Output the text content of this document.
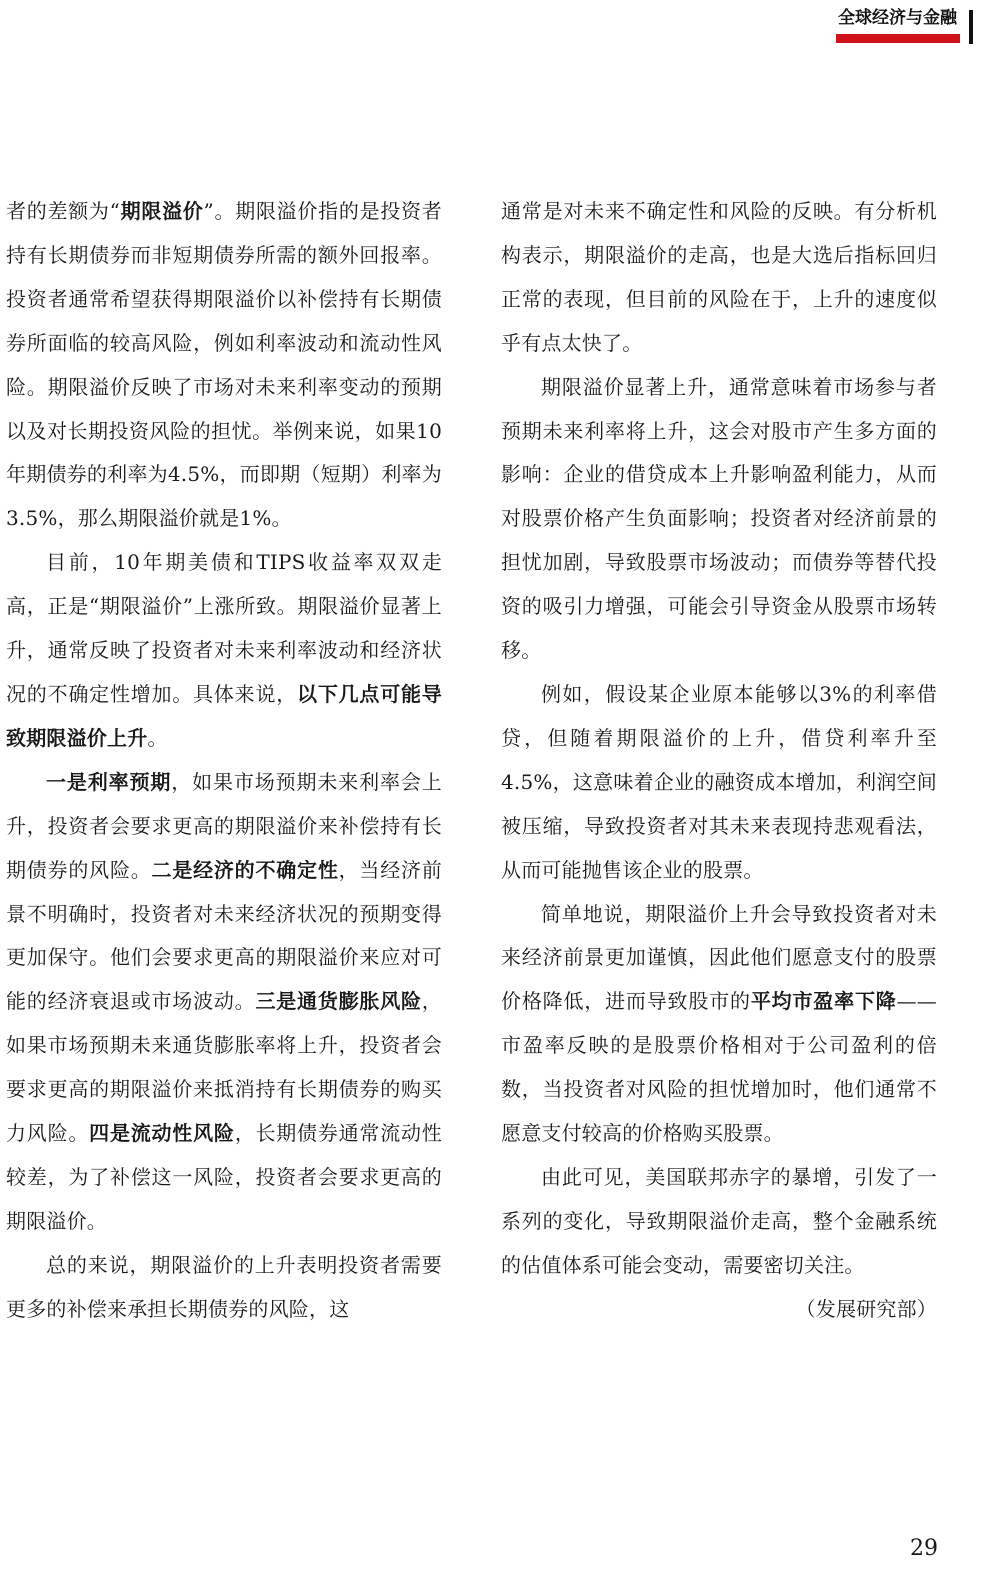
全球经济与金融

者的差额为“期限溢价”。期限溢价指的是投资者持有长期债券而非短期债券所需的额外回报率。投资者通常希望获得期限溢价以补偿持有长期债券所面临的较高风险，例如利率波动和流动性风险。期限溢价反映了市场对未来利率变动的预期以及对长期投资风险的担忧。举例来说，如果10年期债券的利率为4.5%，而即期（短期）利率为3.5%，那么期限溢价就是1%。

目前，10年期美债和TIPS收益率双双走高，正是“期限溢价”上涨所致。期限溢价显著上升，通常反映了投资者对未来利率波动和经济状况的不确定性增加。具体来说，以下几点可能导致期限溢价上升。

一是利率预期，如果市场预期未来利率会上升，投资者会要求更高的期限溢价来补偿持有长期债券的风险。二是经济的不确定性，当经济前景不明确时，投资者对未来经济状况的预期变得更加保守。他们会要求更高的期限溢价来应对可能的经济衰退或市场波动。三是通货膨胀风险，如果市场预期未来通货膨胀率将上升，投资者会要求更高的期限溢价来抵消持有长期债券的购买力风险。四是流动性风险，长期债券通常流动性较差，为了补偿这一风险，投资者会要求更高的期限溢价。

总的来说，期限溢价的上升表明投资者需要更多的补偿来承担长期债券的风险，这

通常是对未来不确定性和风险的反映。有分析机构表示，期限溢价的走高，也是大选后指标回归正常的表现，但目前的风险在于，上升的速度似乎有点太快了。

期限溢价显著上升，通常意味着市场参与者预期未来利率将上升，这会对股市产生多方面的影响：企业的借贷成本上升影响盈利能力，从而对股票价格产生负面影响；投资者对经济前景的担忧加剧，导致股票市场波动；而债券等替代投资的吸引力增强，可能会引导资金从股票市场转移。

例如，假设某企业原本能够以3%的利率借贷，但随着期限溢价的上升，借贷利率升至4.5%，这意味着企业的融资成本增加，利润空间被压缩，导致投资者对其未来表现持悲观看法，从而可能抛售该企业的股票。

简单地说，期限溢价上升会导致投资者对未来经济前景更加谨慎，因此他们愿意支付的股票价格降低，进而导致股市的平均市盈率下降——市盈率反映的是股票价格相对于公司盈利的倍数，当投资者对风险的担忧增加时，他们通常不愿意支付较高的价格购买股票。

由此可见，美国联邦赤字的暴增，引发了一系列的变化，导致期限溢价走高，整个金融系统的估值体系可能会变动，需要密切关注。

（发展研究部）

29
